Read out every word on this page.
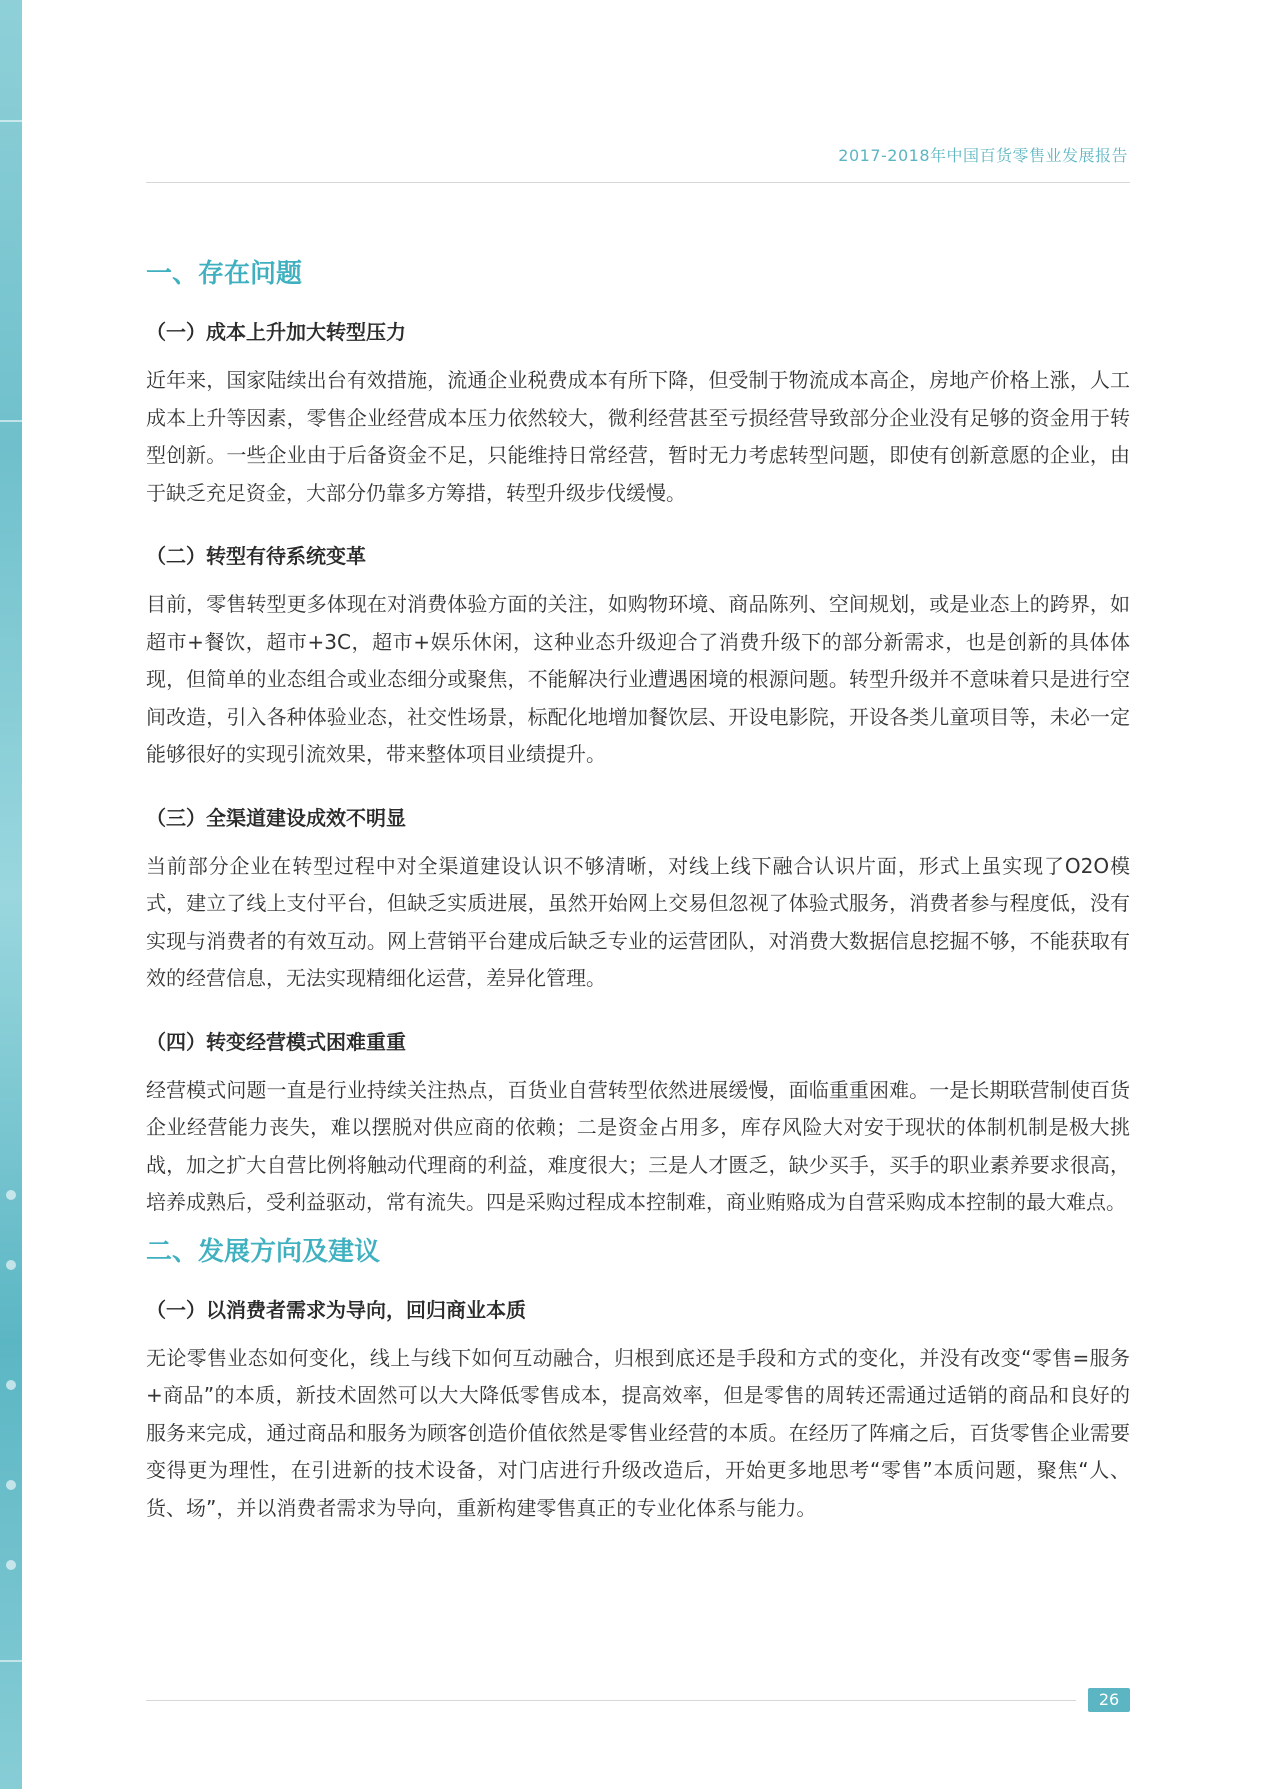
2017-2018年中国百货零售业发展报告
一、存在问题
（一）成本上升加大转型压力

近年来，国家陆续出台有效措施，流通企业税费成本有所下降，但受制于物流成本高企，房地产价格上涨，人工成本上升等因素，零售企业经营成本压力依然较大，微利经营甚至亏损经营导致部分企业没有足够的资金用于转型创新。一些企业由于后备资金不足，只能维持日常经营，暂时无力考虑转型问题，即使有创新意愿的企业，由于缺乏充足资金，大部分仍靠多方筹措，转型升级步伐缓慢。

（二）转型有待系统变革

目前，零售转型更多体现在对消费体验方面的关注，如购物环境、商品陈列、空间规划，或是业态上的跨界，如超市+餐饮，超市+3C，超市+娱乐休闲，这种业态升级迎合了消费升级下的部分新需求，也是创新的具体体现，但简单的业态组合或业态细分或聚焦，不能解决行业遭遇困境的根源问题。转型升级并不意味着只是进行空间改造，引入各种体验业态，社交性场景，标配化地增加餐饮层、开设电影院，开设各类儿童项目等，未必一定能够很好的实现引流效果，带来整体项目业绩提升。

（三）全渠道建设成效不明显

当前部分企业在转型过程中对全渠道建设认识不够清晰，对线上线下融合认识片面，形式上虽实现了O2O模式，建立了线上支付平台，但缺乏实质进展，虽然开始网上交易但忽视了体验式服务，消费者参与程度低，没有实现与消费者的有效互动。网上营销平台建成后缺乏专业的运营团队，对消费大数据信息挖掘不够，不能获取有效的经营信息，无法实现精细化运营，差异化管理。

（四）转变经营模式困难重重

经营模式问题一直是行业持续关注热点，百货业自营转型依然进展缓慢，面临重重困难。一是长期联营制使百货企业经营能力丧失，难以摆脱对供应商的依赖；二是资金占用多，库存风险大对安于现状的体制机制是极大挑战，加之扩大自营比例将触动代理商的利益，难度很大；三是人才匮乏，缺少买手，买手的职业素养要求很高，培养成熟后，受利益驱动，常有流失。四是采购过程成本控制难，商业贿赂成为自营采购成本控制的最大难点。

二、发展方向及建议
（一）以消费者需求为导向，回归商业本质

无论零售业态如何变化，线上与线下如何互动融合，归根到底还是手段和方式的变化，并没有改变“零售=服务+商品”的本质，新技术固然可以大大降低零售成本，提高效率，但是零售的周转还需通过适销的商品和良好的服务来完成，通过商品和服务为顾客创造价值依然是零售业经营的本质。在经历了阵痛之后，百货零售企业需要变得更为理性，在引进新的技术设备，对门店进行升级改造后，开始更多地思考“零售”本质问题，聚焦“人、货、场”，并以消费者需求为导向，重新构建零售真正的专业化体系与能力。

26
